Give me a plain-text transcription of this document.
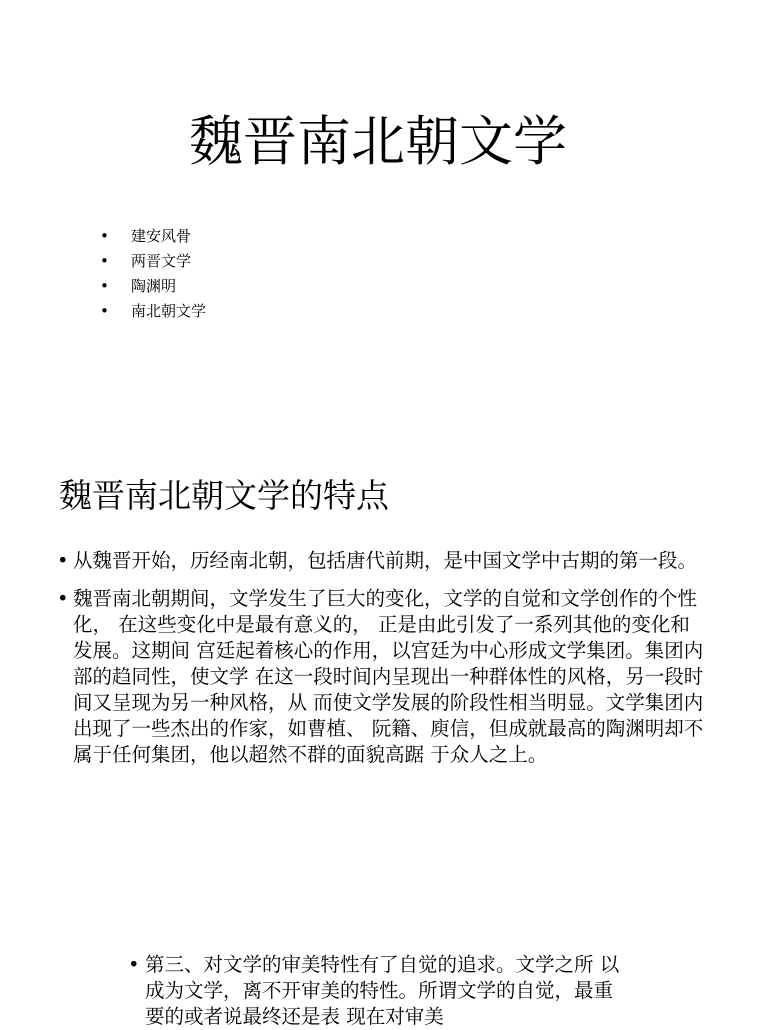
魏晋南北朝文学
• 建安风骨
• 两晋文学
• 陶渊明
• 南北朝文学
魏晋南北朝文学的特点
• 从魏晋开始，历经南北朝，包括唐代前期，是中国文学中古期的第一段。
• 魏晋南北朝期间，文学发生了巨大的变化，文学的自觉和文学创作的个性化， 在这些变化中是最有意义的， 正是由此引发了一系列其他的变化和发展。这期间 宫廷起着核心的作用，以宫廷为中心形成文学集团。集团内部的趋同性，使文学 在这一段时间内呈现出一种群体性的风格，另一段时间又呈现为另一种风格，从 而使文学发展的阶段性相当明显。文学集团内出现了一些杰出的作家，如曹植、 阮籍、庾信，但成就最高的陶渊明却不属于任何集团，他以超然不群的面貌高踞 于众人之上。
• 第三、对文学的审美特性有了自觉的追求。文学之所 以成为文学，离不开审美的特性。所谓文学的自觉，最重要的或者说最终还是表 现在对审美
